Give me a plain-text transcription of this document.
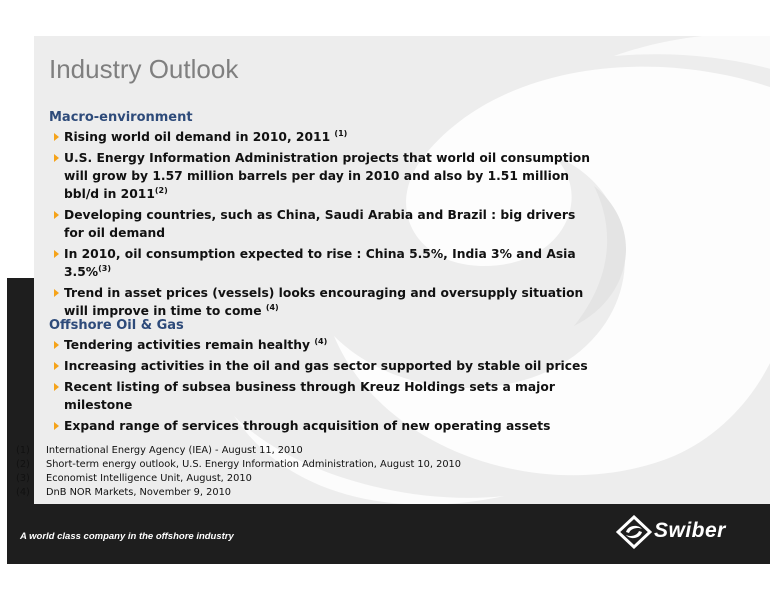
Industry Outlook
Macro-environment
Rising world oil demand in 2010, 2011 $^{(1)}$
U.S. Energy Information Administration projects that world oil consumption will grow by 1.57 million barrels per day in 2010 and also by 1.51 million bbl/d in 2011$^{(2)}$
Developing countries, such as China, Saudi Arabia and Brazil : big drivers for oil demand
In 2010, oil consumption expected to rise : China 5.5%, India 3% and Asia 3.5%$^{(3)}$
Trend in asset prices (vessels) looks encouraging and oversupply situation will improve in time to come $^{(4)}$
Offshore Oil & Gas
Tendering activities remain healthy $^{(4)}$
Increasing activities in the oil and gas sector supported by stable oil prices
Recent listing of subsea business through Kreuz Holdings sets a major milestone
Expand range of services through acquisition of new operating assets
(1)	International Energy Agency (IEA) - August 11, 2010
(2)	Short-term energy outlook, U.S. Energy Information Administration, August 10, 2010
(3)	Economist Intelligence Unit, August, 2010
(4)	DnB NOR Markets, November 9, 2010
A world class company in the offshore industry	Swiber
